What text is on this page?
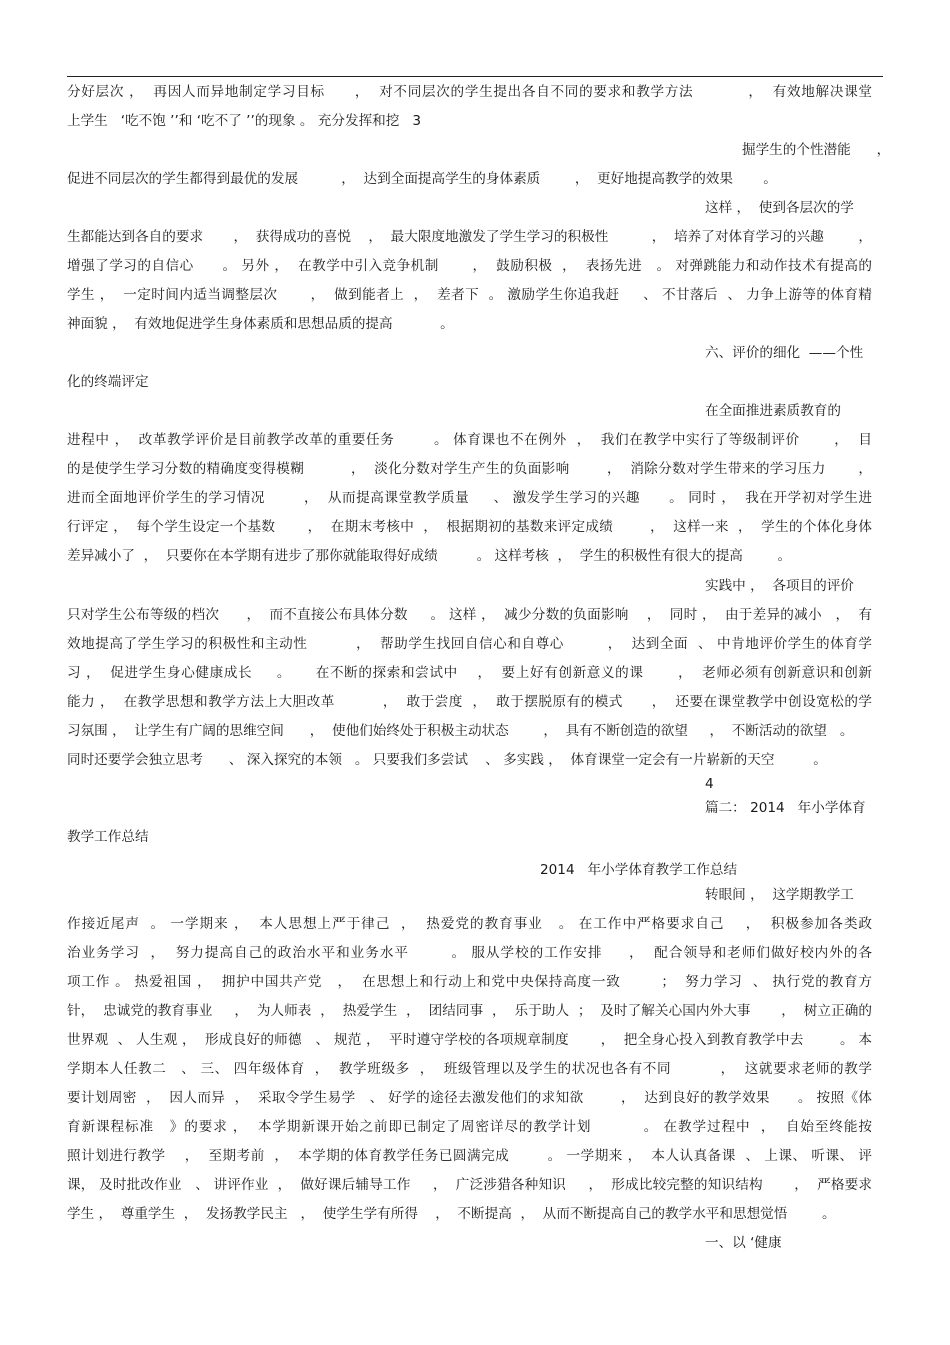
分好层次 ，  再因人而异地制定学习目标      ，  对不同层次的学生提出各自不同的要求和教学方法           ，  有效地解决课堂
上学生   ‘吃不饱 ’’和 ‘吃不了 ’’的现象 。 充分发挥和挖   3
掘学生的个性潜能      ，
促进不同层次的学生都得到最优的发展          ，  达到全面提高学生的身体素质        ，  更好地提高教学的效果       。
这样 ，  使到各层次的学
生都能达到各自的要求       ，  获得成功的喜悦    ，  最大限度地激发了学生学习的积极性          ，  培养了对体育学习的兴趣        ，
增强了学习的自信心      。 另外 ，  在教学中引入竞争机制       ，  鼓励积极  ，  表扬先进   。 对弹跳能力和动作技术有提高的
学生 ，  一定时间内适当调整层次       ，  做到能者上  ，  差者下  。 激励学生你追我赶     、 不甘落后  、 力争上游等的体育精
神面貌 ，  有效地促进学生身体素质和思想品质的提高           。
六、评价的细化  ——个性
化的终端评定
在全面推进素质教育的
进程中 ，  改革教学评价是目前教学改革的重要任务        。 体育课也不在例外  ，  我们在教学中实行了等级制评价       ，  目
的是使学生学习分数的精确度变得模糊          ，  淡化分数对学生产生的负面影响        ，  消除分数对学生带来的学习压力       ，
进而全面地评价学生的学习情况        ，  从而提高课堂教学质量     、 激发学生学习的兴趣      。 同时 ，  我在开学初对学生进
行评定 ，  每个学生设定一个基数       ，  在期末考核中  ，  根据期初的基数来评定成绩        ，  这样一来  ，  学生的个体化身体
差异减小了  ，  只要你在本学期有进步了那你就能取得好成绩         。 这样考核  ，  学生的积极性有很大的提高        。
实践中 ，  各项目的评价
只对学生公布等级的档次      ，  而不直接公布具体分数     。 这样 ，  减少分数的负面影响    ，  同时 ，  由于差异的减小   ，  有
效地提高了学生学习的积极性和主动性          ，  帮助学生找回自信心和自尊心         ，  达到全面  、 中肯地评价学生的体育学
习 ，  促进学生身心健康成长     。     在不断的探索和尝试中    ，  要上好有创新意义的课       ，  老师必须有创新意识和创新
能力 ，  在教学思想和教学方法上大胆改革          ，  敢于尝度  ，  敢于摆脱原有的模式      ，  还要在课堂教学中创设宽松的学
习氛围 ，  让学生有广阔的思维空间      ，  使他们始终处于积极主动状态        ，  具有不断创造的欲望     ，  不断活动的欲望   。
同时还要学会独立思考      、 深入探究的本领   。 只要我们多尝试    、 多实践 ，  体育课堂一定会有一片崭新的天空         。
4
篇二： 2014   年小学体育
教学工作总结
2014   年小学体育教学工作总结
转眼间 ，  这学期教学工
作接近尾声  。 一学期来 ，  本人思想上严于律己  ，  热爱党的教育事业   。 在工作中严格要求自己    ，  积极参加各类政
治业务学习  ，  努力提高自己的政治水平和业务水平        。 服从学校的工作安排     ，  配合领导和老师们做好校内外的各
项工作 。 热爱祖国 ，  拥护中国共产党   ，  在思想上和行动上和党中央保持高度一致        ；  努力学习  、 执行党的教育方
针，  忠诚党的教育事业     ，  为人师表  ，  热爱学生  ，  团结同事  ，  乐于助人  ；  及时了解关心国内外大事       ，  树立正确的
世界观  、 人生观 ，  形成良好的师德   、 规范 ，  平时遵守学校的各项规章制度       ，  把全身心投入到教育教学中去        。 本
学期本人任教二   、 三、 四年级体育  ，  教学班级多  ，  班级管理以及学生的状况也各有不同          ，  这就要求老师的教学
要计划周密  ，  因人而异  ，  采取令学生易学   、 好学的途径去激发他们的求知欲        ，  达到良好的教学效果      。 按照《体
育新课程标准   》的要求 ，  本学期新课开始之前即已制定了周密详尽的教学计划          。 在教学过程中  ，  自始至终能按
照计划进行教学    ，  至期考前  ，  本学期的体育教学任务已圆满完成        。 一学期来 ，  本人认真备课  、 上课、 听课、 评
课， 及时批改作业   、 讲评作业  ，  做好课后辅导工作     ，  广泛涉猎各种知识     ，  形成比较完整的知识结构       ，  严格要求
学生 ，  尊重学生  ，  发扬教学民主   ，  使学生学有所得    ，  不断提高  ，  从而不断提高自己的教学水平和思想觉悟        。
一、以 ‘健康
